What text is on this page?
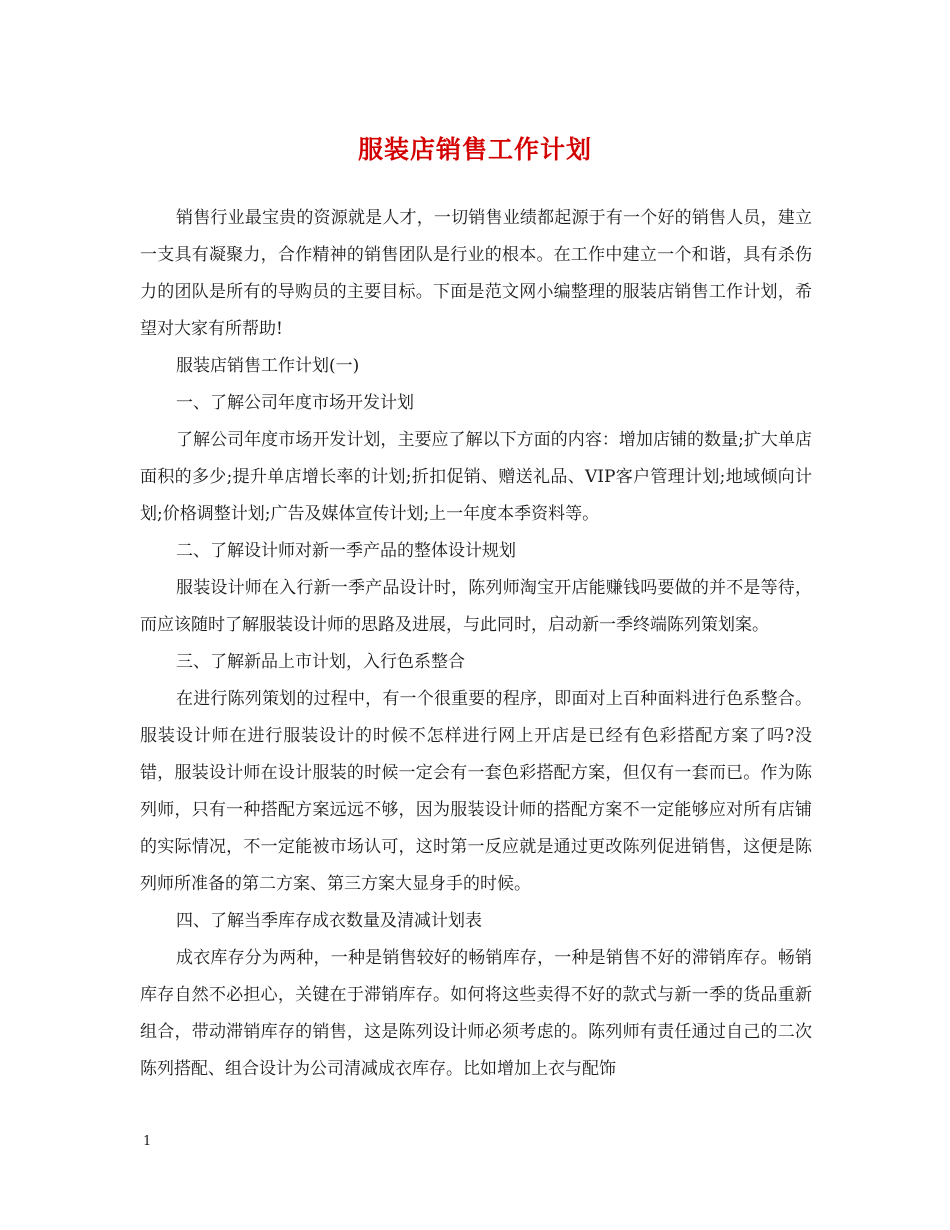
服装店销售工作计划

销售行业最宝贵的资源就是人才，一切销售业绩都起源于有一个好的销售人员，建立一支具有凝聚力，合作精神的销售团队是行业的根本。在工作中建立一个和谐，具有杀伤力的团队是所有的导购员的主要目标。下面是范文网小编整理的服装店销售工作计划，希望对大家有所帮助!

服装店销售工作计划(一)

一、了解公司年度市场开发计划

了解公司年度市场开发计划，主要应了解以下方面的内容：增加店铺的数量;扩大单店面积的多少;提升单店增长率的计划;折扣促销、赠送礼品、VIP客户管理计划;地域倾向计划;价格调整计划;广告及媒体宣传计划;上一年度本季资料等。

二、了解设计师对新一季产品的整体设计规划

服装设计师在入行新一季产品设计时，陈列师淘宝开店能赚钱吗要做的并不是等待，而应该随时了解服装设计师的思路及进展，与此同时，启动新一季终端陈列策划案。

三、了解新品上市计划，入行色系整合

在进行陈列策划的过程中，有一个很重要的程序，即面对上百种面料进行色系整合。服装设计师在进行服装设计的时候不怎样进行网上开店是已经有色彩搭配方案了吗?没错，服装设计师在设计服装的时候一定会有一套色彩搭配方案，但仅有一套而已。作为陈列师，只有一种搭配方案远远不够，因为服装设计师的搭配方案不一定能够应对所有店铺的实际情况，不一定能被市场认可，这时第一反应就是通过更改陈列促进销售，这便是陈列师所准备的第二方案、第三方案大显身手的时候。

四、了解当季库存成衣数量及清减计划表

成衣库存分为两种，一种是销售较好的畅销库存，一种是销售不好的滞销库存。畅销库存自然不必担心，关键在于滞销库存。如何将这些卖得不好的款式与新一季的货品重新组合，带动滞销库存的销售，这是陈列设计师必须考虑的。陈列师有责任通过自己的二次陈列搭配、组合设计为公司清减成衣库存。比如增加上衣与配饰

1
